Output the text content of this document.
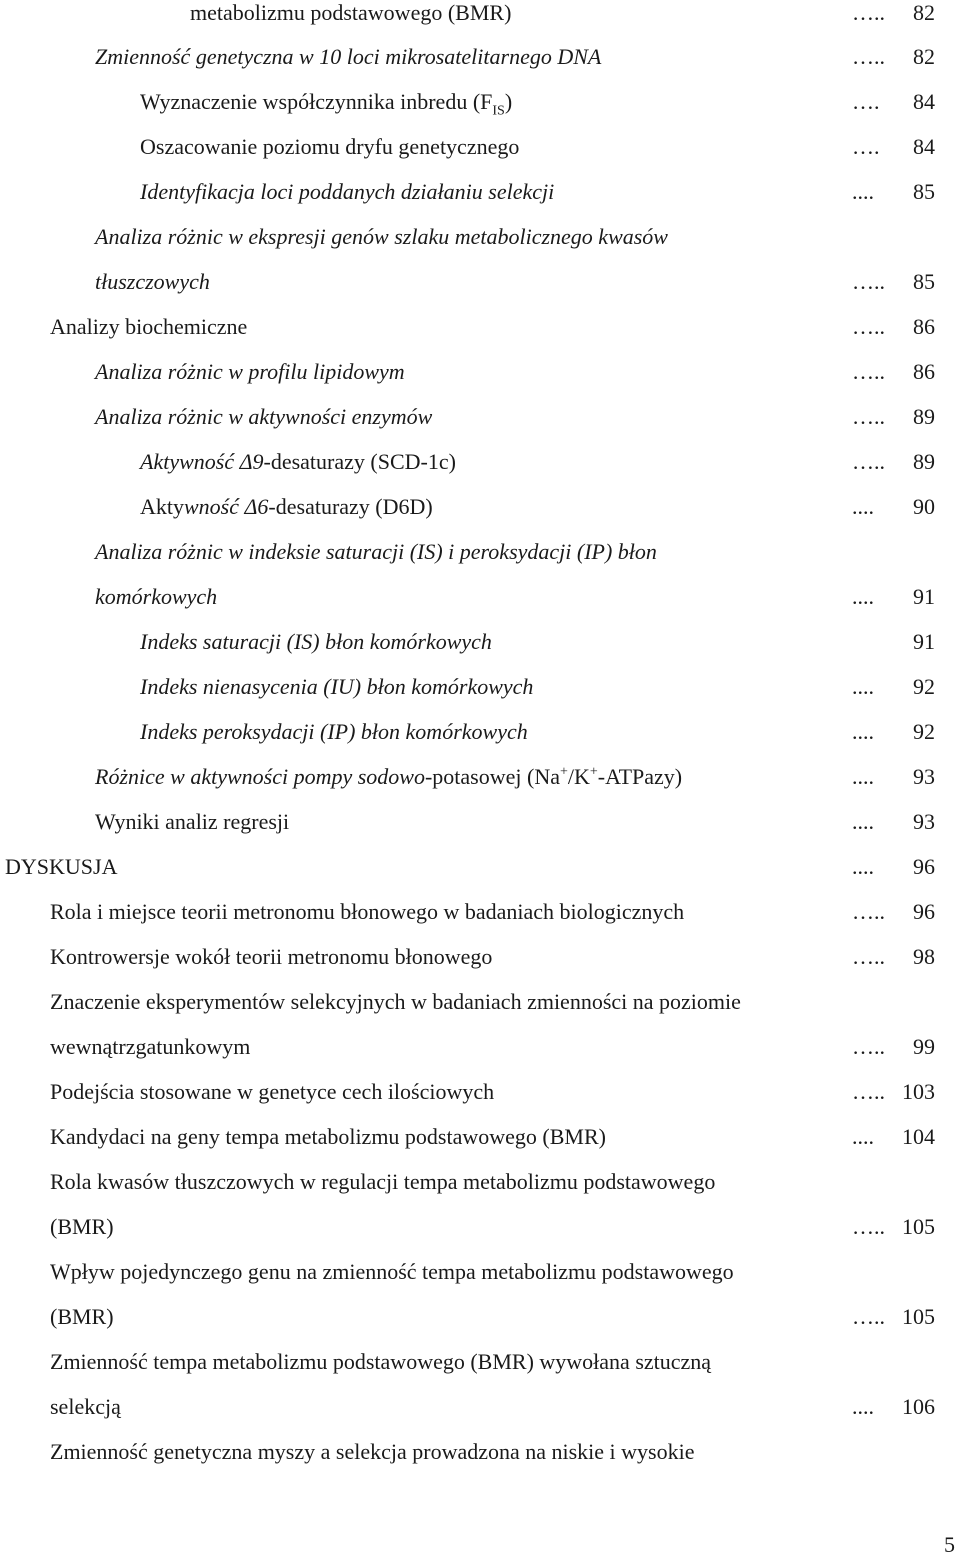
metabolizmu podstawowego (BMR)	…..	82
Zmienność genetyczna w 10 loci mikrosatelitarnego DNA	…..	82
Wyznaczenie współczynnika inbredu $(F_{IS})$	….	84
Oszacowanie poziomu dryfu genetycznego	….	84
Identyfikacja loci poddanych działaniu selekcji	....	85
Analiza różnic w ekspresji genów szlaku metabolicznego kwasów
tłuszczowych	…..	85
Analizy biochemiczne	…..	86
Analiza różnic w profilu lipidowym	…..	86
Analiza różnic w aktywności enzymów	…..	89
Aktywność Δ9-desaturazy (SCD-1c)	…..	89
Aktywność Δ6-desaturazy (D6D)	....	90
Analiza różnic w indeksie saturacji (IS) i peroksydacji (IP) błon
komórkowych	....	91
Indeks saturacji (IS) błon komórkowych	91
Indeks nienasycenia (IU) błon komórkowych	....	92
Indeks peroksydacji (IP) błon komórkowych	....	92
Różnice w aktywności pompy sodowo-potasowej (Na+/K+-ATPazy)	....	93
Wyniki analiz regresji	....	93
DYSKUSJA	....	96
Rola i miejsce teorii metronomu błonowego w badaniach biologicznych	…..	96
Kontrowersje wokół teorii metronomu błonowego	…..	98
Znaczenie eksperymentów selekcyjnych w badaniach zmienności na poziomie
wewnątrzgatunkowym	…..	99
Podejścia stosowane w genetyce cech ilościowych	….. 103
Kandydaci na geny tempa metabolizmu podstawowego (BMR)	....	104
Rola kwasów tłuszczowych w regulacji tempa metabolizmu podstawowego
(BMR)	….. 105
Wpływ pojedynczego genu na zmienność tempa metabolizmu podstawowego
(BMR)	….. 105
Zmienność tempa metabolizmu podstawowego (BMR) wywołana sztuczną
selekcją	....	106
Zmienność genetyczna myszy a selekcja prowadzona na niskie i wysokie
5
